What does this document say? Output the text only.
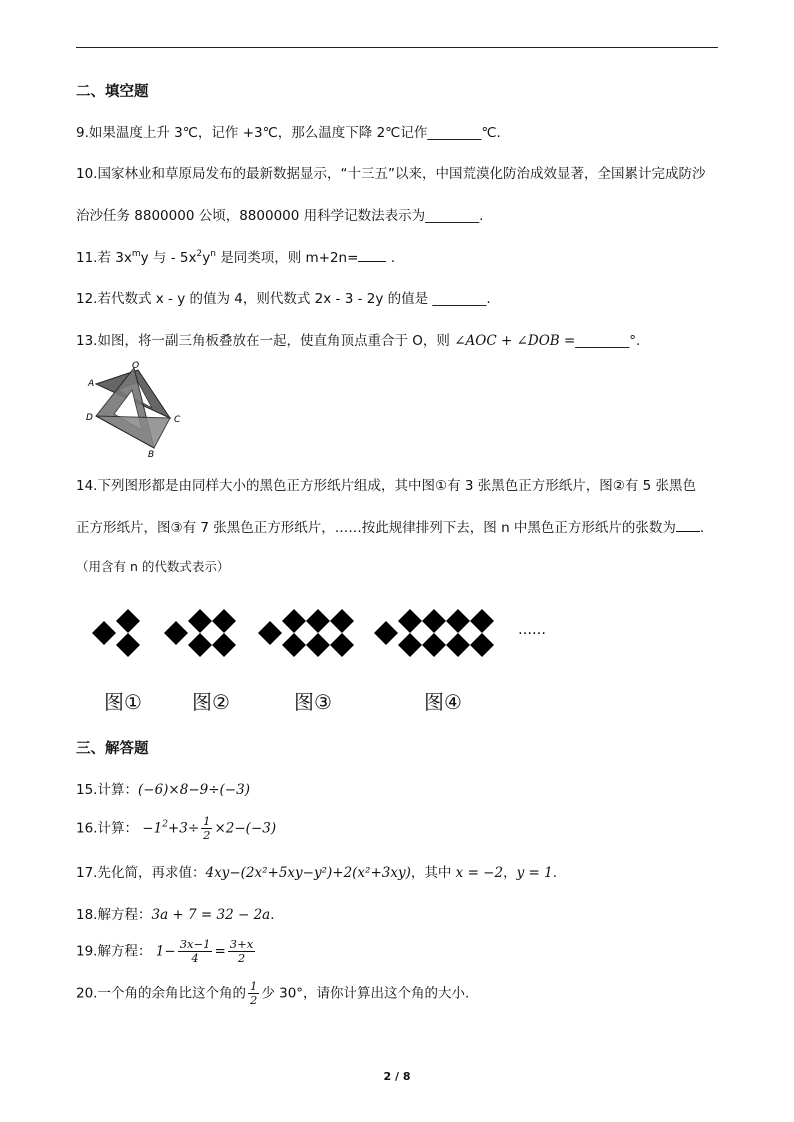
二、填空题
9.如果温度上升 3℃，记作 +3℃，那么温度下降 2℃记作________℃.
10.国家林业和草原局发布的最新数据显示，“十三五”以来，中国荒漠化防治成效显著，全国累计完成防沙
治沙任务 8800000 公顷，8800000 用科学记数法表示为________.
11.若 $3x^my$ 与 - $5x^2y^n$ 是同类项，则 m+2n= .
12.若代数式 x - y 的值为 4，则代数式 2x - 3 - 2y 的值是 ________.
13.如图，将一副三角板叠放在一起，使直角顶点重合于 O，则 ∠AOC + ∠DOB =________°.
O
A
D	C
B
14.下列图形都是由同样大小的黑色正方形纸片组成，其中图①有 3 张黑色正方形纸片，图②有 5 张黑色
正方形纸片，图③有 7 张黑色正方形纸片，……按此规律排列下去，图 n 中黑色正方形纸片的张数为 .
（用含有 n 的代数式表示）
……
图①	图②	图③	图④
三、解答题
15.计算：(−6)×8−9÷(−3)
16.计算： $-1^2+3\div \frac{1}{2} \times 2-(-3)$
17.先化简，再求值：4xy−(2x²+5xy−y²)+2(x²+3xy)，其中 x = −2，y = 1.
18.解方程：3a + 7 = 32 − 2a.
19.解方程： $1- \frac{3x-1}{4} = \frac{3+x}{2}$
20.一个角的余角比这个角的 $\frac{1}{2}$ 少 30°，请你计算出这个角的大小.
2 / 8
